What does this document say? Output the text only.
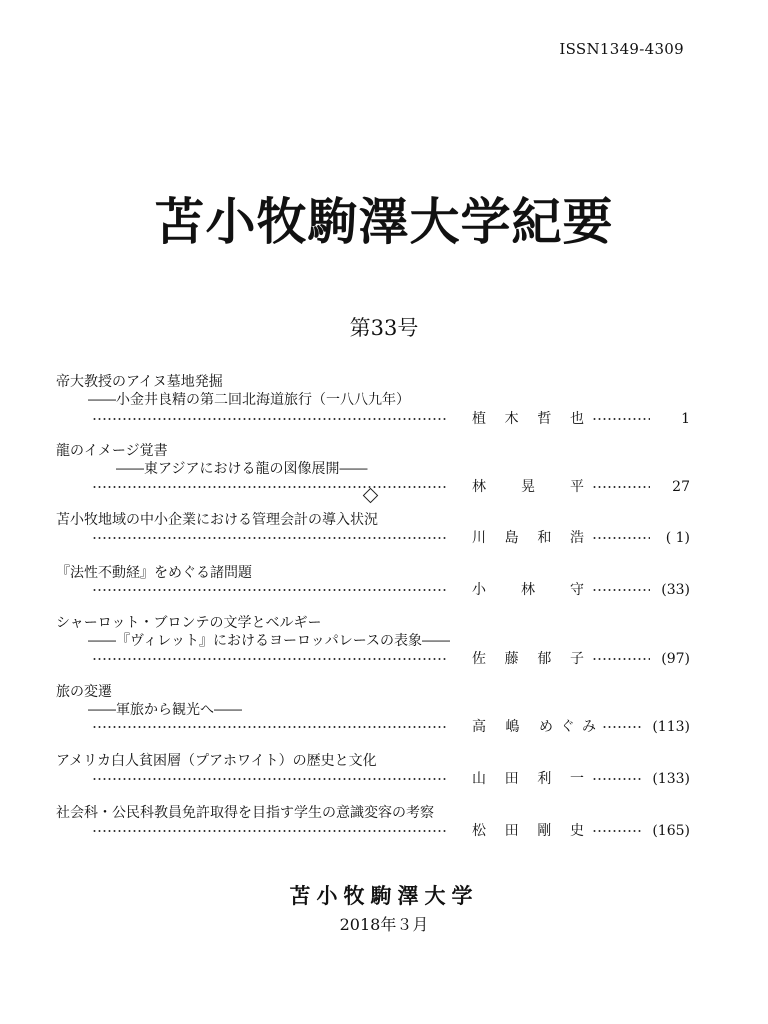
ISSN1349-4309
苫小牧駒澤大学紀要
第33号
帝大教授のアイヌ墓地発掘
――小金井良精の第二回北海道旅行（一八八九年）
植 木 哲 也	1
龍のイメージ覚書
――東アジアにおける龍の図像展開――
林 晃 平	27
苫小牧地域の中小企業における管理会計の導入状況
川 島 和 浩	( 1)
『法性不動経』をめぐる諸問題
小 林 守	(33)
シャーロット・ブロンテの文学とベルギー
――『ヴィレット』におけるヨーロッパレースの表象――
佐 藤 郁 子	(97)
旅の変遷
――軍旅から観光へ――
高 嶋 めぐみ	(113)
アメリカ白人貧困層（プアホワイト）の歴史と文化
山 田 利 一	(133)
社会科・公民科教員免許取得を目指す学生の意識変容の考察
松 田 剛 史	(165)
苫小牧駒澤大学
2018年３月
